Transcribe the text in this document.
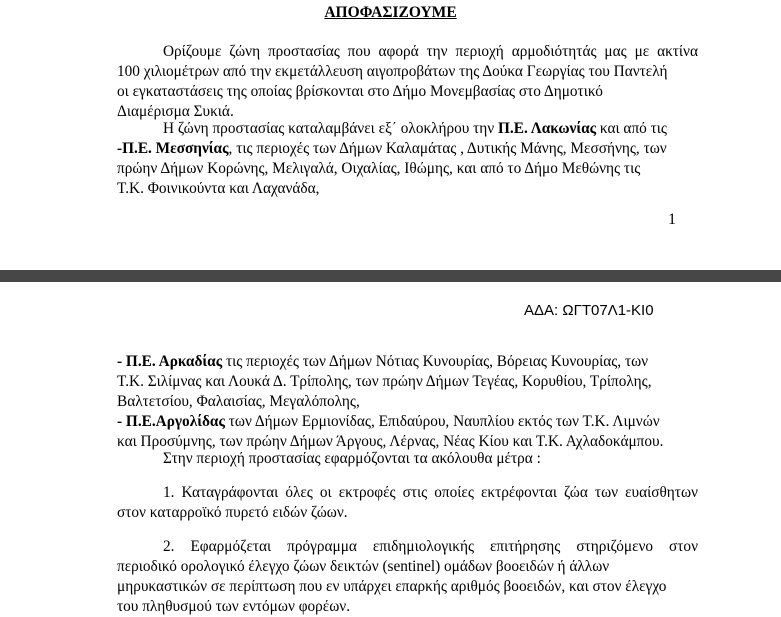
ΑΠΟΦΑΣΙΖΟΥΜΕ
Ορίζουμε ζώνη προστασίας που αφορά την περιοχή αρμοδιότητάς μας με ακτίνα
100 χιλιομέτρων από την εκμετάλλευση αιγοπροβάτων της Δούκα Γεωργίας του Παντελή
οι εγκαταστάσεις της οποίας βρίσκονται στο Δήμο Μονεμβασίας στο Δημοτικό
Διαμέρισμα Συκιά.
Η ζώνη προστασίας καταλαμβάνει εξ΄ ολοκλήρου την Π.Ε. Λακωνίας και από τις
-Π.Ε. Μεσσηνίας, τις περιοχές των Δήμων Καλαμάτας , Δυτικής Μάνης, Μεσσήνης, των
πρώην Δήμων Κορώνης, Μελιγαλά, Οιχαλίας, Ιθώμης, και από το Δήμο Μεθώνης τις
Τ.Κ. Φοινικούντα και Λαχανάδα,
1
ΑΔΑ: ΩΓΤ07Λ1-ΚΙ0
- Π.Ε. Αρκαδίας τις περιοχές των Δήμων Νότιας Κυνουρίας, Βόρειας Κυνουρίας, των
Τ.Κ. Σιλίμνας και Λουκά Δ. Τρίπολης, των πρώην Δήμων Τεγέας, Κορυθίου, Τρίπολης,
Βαλτετσίου, Φαλαισίας, Μεγαλόπολης,
- Π.Ε.Αργολίδας των Δήμων Ερμιονίδας, Επιδαύρου, Ναυπλίου εκτός των Τ.Κ. Λιμνών
και Προσύμνης, των πρώην Δήμων Άργους, Λέρνας, Νέας Κίου και Τ.Κ. Αχλαδοκάμπου.
Στην περιοχή προστασίας εφαρμόζονται τα ακόλουθα μέτρα :
1. Καταγράφονται όλες οι εκτροφές στις οποίες εκτρέφονται ζώα των ευαίσθητων
στον καταρροϊκό πυρετό ειδών ζώων.
2. Εφαρμόζεται πρόγραμμα επιδημιολογικής επιτήρησης στηριζόμενο στον
περιοδικό ορολογικό έλεγχο ζώων δεικτών (sentinel) ομάδων βοοειδών ή άλλων
μηρυκαστικών σε περίπτωση που εν υπάρχει επαρκής αριθμός βοοειδών, και στον έλεγχο
του πληθυσμού των εντόμων φορέων.
